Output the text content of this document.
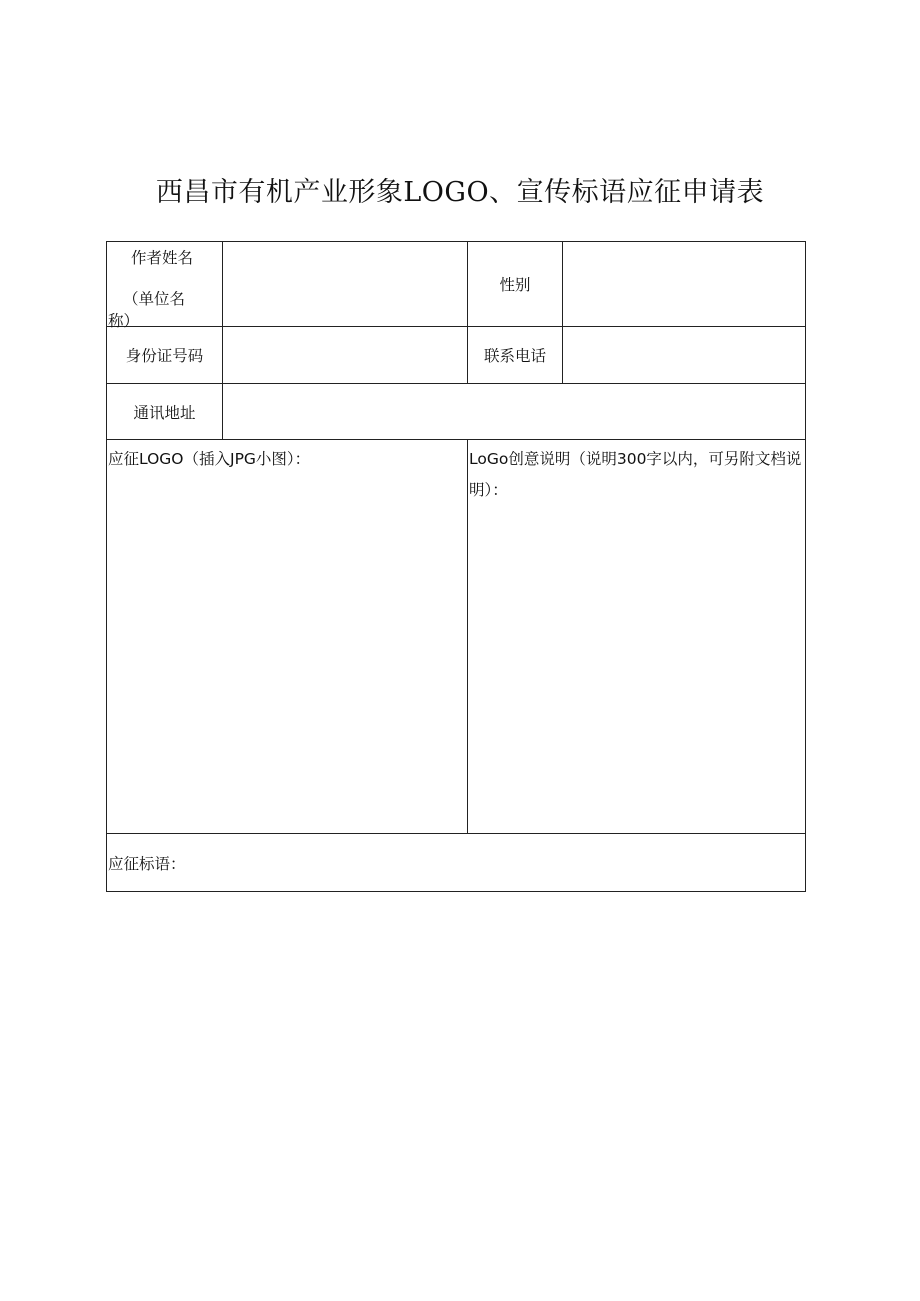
西昌市有机产业形象LOGO、宣传标语应征申请表
作者姓名
（单位名
称）		性别	
身份证号码		联系电话	
通讯地址			
应征LOGO（插入JPG小图）：		LoGo创意说明（说明300字以内，可另附文档说明）：	
应征标语：			
